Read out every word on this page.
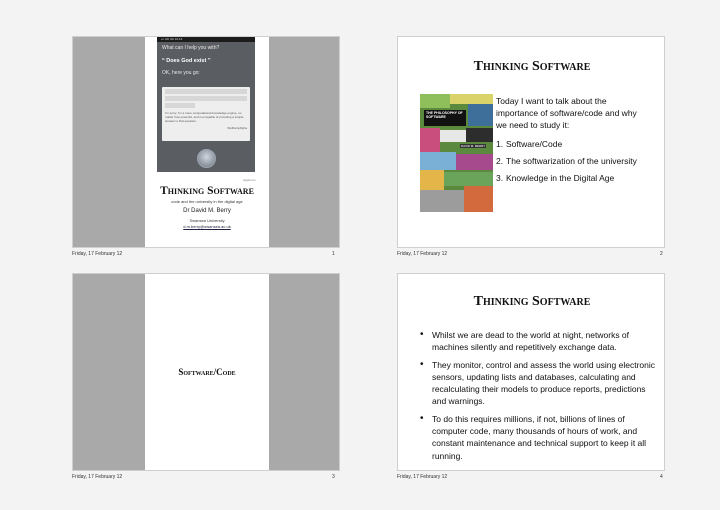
••• UK 3G 10:14
What can I help you with?
“ Does God exist ”
OK, here you go:
I'm sorry, I'm a mere computational knowledge engine, no matter how powerful, and not capable of providing a simple answer to that question.
Wolfram|Alpha
Apple Inc.
Thinking Software
code and the university in the digital age
Dr David M. Berry
Swansea University
d.m.berry@swansea.ac.uk
Friday, 17 February 12	1
Thinking Software
THE PHILOSOPHY OF SOFTWARE
DAVID M. BERRY
Today I want to talk about the importance of software/code and why we need to study it:
1. Software/Code
2. The softwarization of the university
3. Knowledge in the Digital Age
Friday, 17 February 12	2
Software/Code
Friday, 17 February 12	3
Thinking Software
• Whilst we are dead to the world at night, networks of machines silently and repetitively exchange data.
• They monitor, control and assess the world using electronic sensors, updating lists and databases, calculating and recalculating their models to produce reports, predictions and warnings.
• To do this requires millions, if not, billions of lines of computer code, many thousands of hours of work, and constant maintenance and technical support to keep it all running.
Friday, 17 February 12	4
